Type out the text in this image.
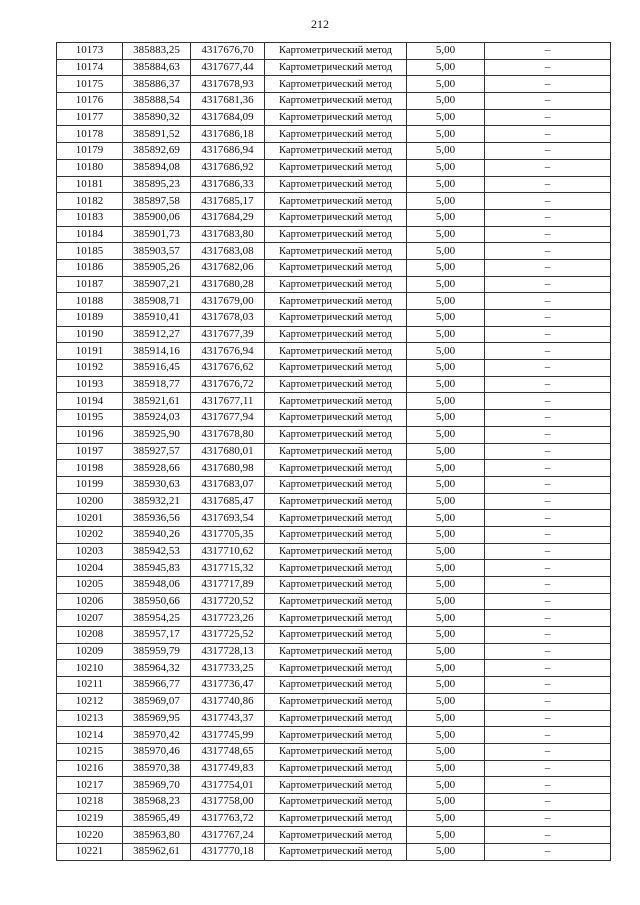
212
10173	385883,25	4317676,70	Картометрический метод	5,00	–
10174	385884,63	4317677,44	Картометрический метод	5,00	–
10175	385886,37	4317678,93	Картометрический метод	5,00	–
10176	385888,54	4317681,36	Картометрический метод	5,00	–
10177	385890,32	4317684,09	Картометрический метод	5,00	–
10178	385891,52	4317686,18	Картометрический метод	5,00	–
10179	385892,69	4317686,94	Картометрический метод	5,00	–
10180	385894,08	4317686,92	Картометрический метод	5,00	–
10181	385895,23	4317686,33	Картометрический метод	5,00	–
10182	385897,58	4317685,17	Картометрический метод	5,00	–
10183	385900,06	4317684,29	Картометрический метод	5,00	–
10184	385901,73	4317683,80	Картометрический метод	5,00	–
10185	385903,57	4317683,08	Картометрический метод	5,00	–
10186	385905,26	4317682,06	Картометрический метод	5,00	–
10187	385907,21	4317680,28	Картометрический метод	5,00	–
10188	385908,71	4317679,00	Картометрический метод	5,00	–
10189	385910,41	4317678,03	Картометрический метод	5,00	–
10190	385912,27	4317677,39	Картометрический метод	5,00	–
10191	385914,16	4317676,94	Картометрический метод	5,00	–
10192	385916,45	4317676,62	Картометрический метод	5,00	–
10193	385918,77	4317676,72	Картометрический метод	5,00	–
10194	385921,61	4317677,11	Картометрический метод	5,00	–
10195	385924,03	4317677,94	Картометрический метод	5,00	–
10196	385925,90	4317678,80	Картометрический метод	5,00	–
10197	385927,57	4317680,01	Картометрический метод	5,00	–
10198	385928,66	4317680,98	Картометрический метод	5,00	–
10199	385930,63	4317683,07	Картометрический метод	5,00	–
10200	385932,21	4317685,47	Картометрический метод	5,00	–
10201	385936,56	4317693,54	Картометрический метод	5,00	–
10202	385940,26	4317705,35	Картометрический метод	5,00	–
10203	385942,53	4317710,62	Картометрический метод	5,00	–
10204	385945,83	4317715,32	Картометрический метод	5,00	–
10205	385948,06	4317717,89	Картометрический метод	5,00	–
10206	385950,66	4317720,52	Картометрический метод	5,00	–
10207	385954,25	4317723,26	Картометрический метод	5,00	–
10208	385957,17	4317725,52	Картометрический метод	5,00	–
10209	385959,79	4317728,13	Картометрический метод	5,00	–
10210	385964,32	4317733,25	Картометрический метод	5,00	–
10211	385966,77	4317736,47	Картометрический метод	5,00	–
10212	385969,07	4317740,86	Картометрический метод	5,00	–
10213	385969,95	4317743,37	Картометрический метод	5,00	–
10214	385970,42	4317745,99	Картометрический метод	5,00	–
10215	385970,46	4317748,65	Картометрический метод	5,00	–
10216	385970,38	4317749,83	Картометрический метод	5,00	–
10217	385969,70	4317754,01	Картометрический метод	5,00	–
10218	385968,23	4317758,00	Картометрический метод	5,00	–
10219	385965,49	4317763,72	Картометрический метод	5,00	–
10220	385963,80	4317767,24	Картометрический метод	5,00	–
10221	385962,61	4317770,18	Картометрический метод	5,00	–
